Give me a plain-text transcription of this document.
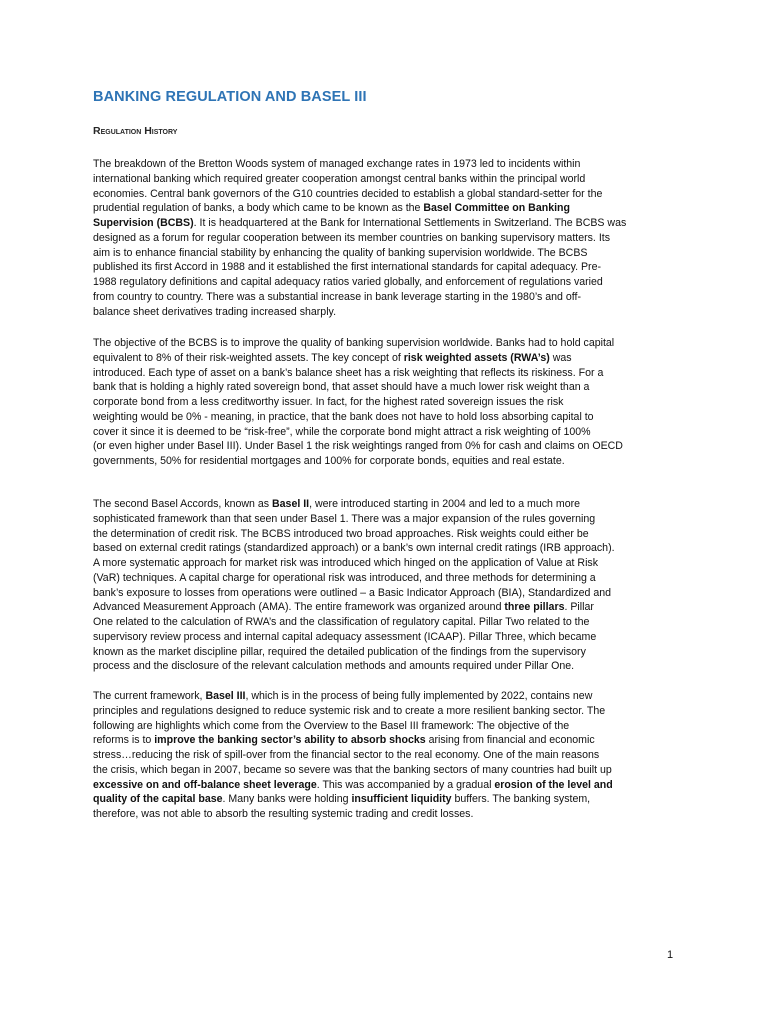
BANKING REGULATION AND BASEL III
Regulation History
The breakdown of the Bretton Woods system of managed exchange rates in 1973 led to incidents within
international banking which required greater cooperation amongst central banks within the principal world
economies. Central bank governors of the G10 countries decided to establish a global standard-setter for the
prudential regulation of banks, a body which came to be known as the Basel Committee on Banking
Supervision (BCBS). It is headquartered at the Bank for International Settlements in Switzerland. The BCBS was
designed as a forum for regular cooperation between its member countries on banking supervisory matters. Its
aim is to enhance financial stability by enhancing the quality of banking supervision worldwide. The BCBS
published its first Accord in 1988 and it established the first international standards for capital adequacy. Pre-
1988 regulatory definitions and capital adequacy ratios varied globally, and enforcement of regulations varied
from country to country. There was a substantial increase in bank leverage starting in the 1980’s and off-
balance sheet derivatives trading increased sharply.
The objective of the BCBS is to improve the quality of banking supervision worldwide. Banks had to hold capital
equivalent to 8% of their risk-weighted assets. The key concept of risk weighted assets (RWA’s) was
introduced. Each type of asset on a bank’s balance sheet has a risk weighting that reflects its riskiness. For a
bank that is holding a highly rated sovereign bond, that asset should have a much lower risk weight than a
corporate bond from a less creditworthy issuer. In fact, for the highest rated sovereign issues the risk
weighting would be 0% - meaning, in practice, that the bank does not have to hold loss absorbing capital to
cover it since it is deemed to be “risk-free”, while the corporate bond might attract a risk weighting of 100%
(or even higher under Basel III). Under Basel 1 the risk weightings ranged from 0% for cash and claims on OECD
governments, 50% for residential mortgages and 100% for corporate bonds, equities and real estate.
The second Basel Accords, known as Basel II, were introduced starting in 2004 and led to a much more
sophisticated framework than that seen under Basel 1. There was a major expansion of the rules governing
the determination of credit risk. The BCBS introduced two broad approaches. Risk weights could either be
based on external credit ratings (standardized approach) or a bank’s own internal credit ratings (IRB approach).
A more systematic approach for market risk was introduced which hinged on the application of Value at Risk
(VaR) techniques. A capital charge for operational risk was introduced, and three methods for determining a
bank’s exposure to losses from operations were outlined – a Basic Indicator Approach (BIA), Standardized and
Advanced Measurement Approach (AMA). The entire framework was organized around three pillars. Pillar
One related to the calculation of RWA’s and the classification of regulatory capital. Pillar Two related to the
supervisory review process and internal capital adequacy assessment (ICAAP). Pillar Three, which became
known as the market discipline pillar, required the detailed publication of the findings from the supervisory
process and the disclosure of the relevant calculation methods and amounts required under Pillar One.
The current framework, Basel III, which is in the process of being fully implemented by 2022, contains new
principles and regulations designed to reduce systemic risk and to create a more resilient banking sector. The
following are highlights which come from the Overview to the Basel III framework: The objective of the
reforms is to improve the banking sector’s ability to absorb shocks arising from financial and economic
stress…reducing the risk of spill-over from the financial sector to the real economy. One of the main reasons
the crisis, which began in 2007, became so severe was that the banking sectors of many countries had built up
excessive on and off-balance sheet leverage. This was accompanied by a gradual erosion of the level and
quality of the capital base. Many banks were holding insufficient liquidity buffers. The banking system,
therefore, was not able to absorb the resulting systemic trading and credit losses.
1
